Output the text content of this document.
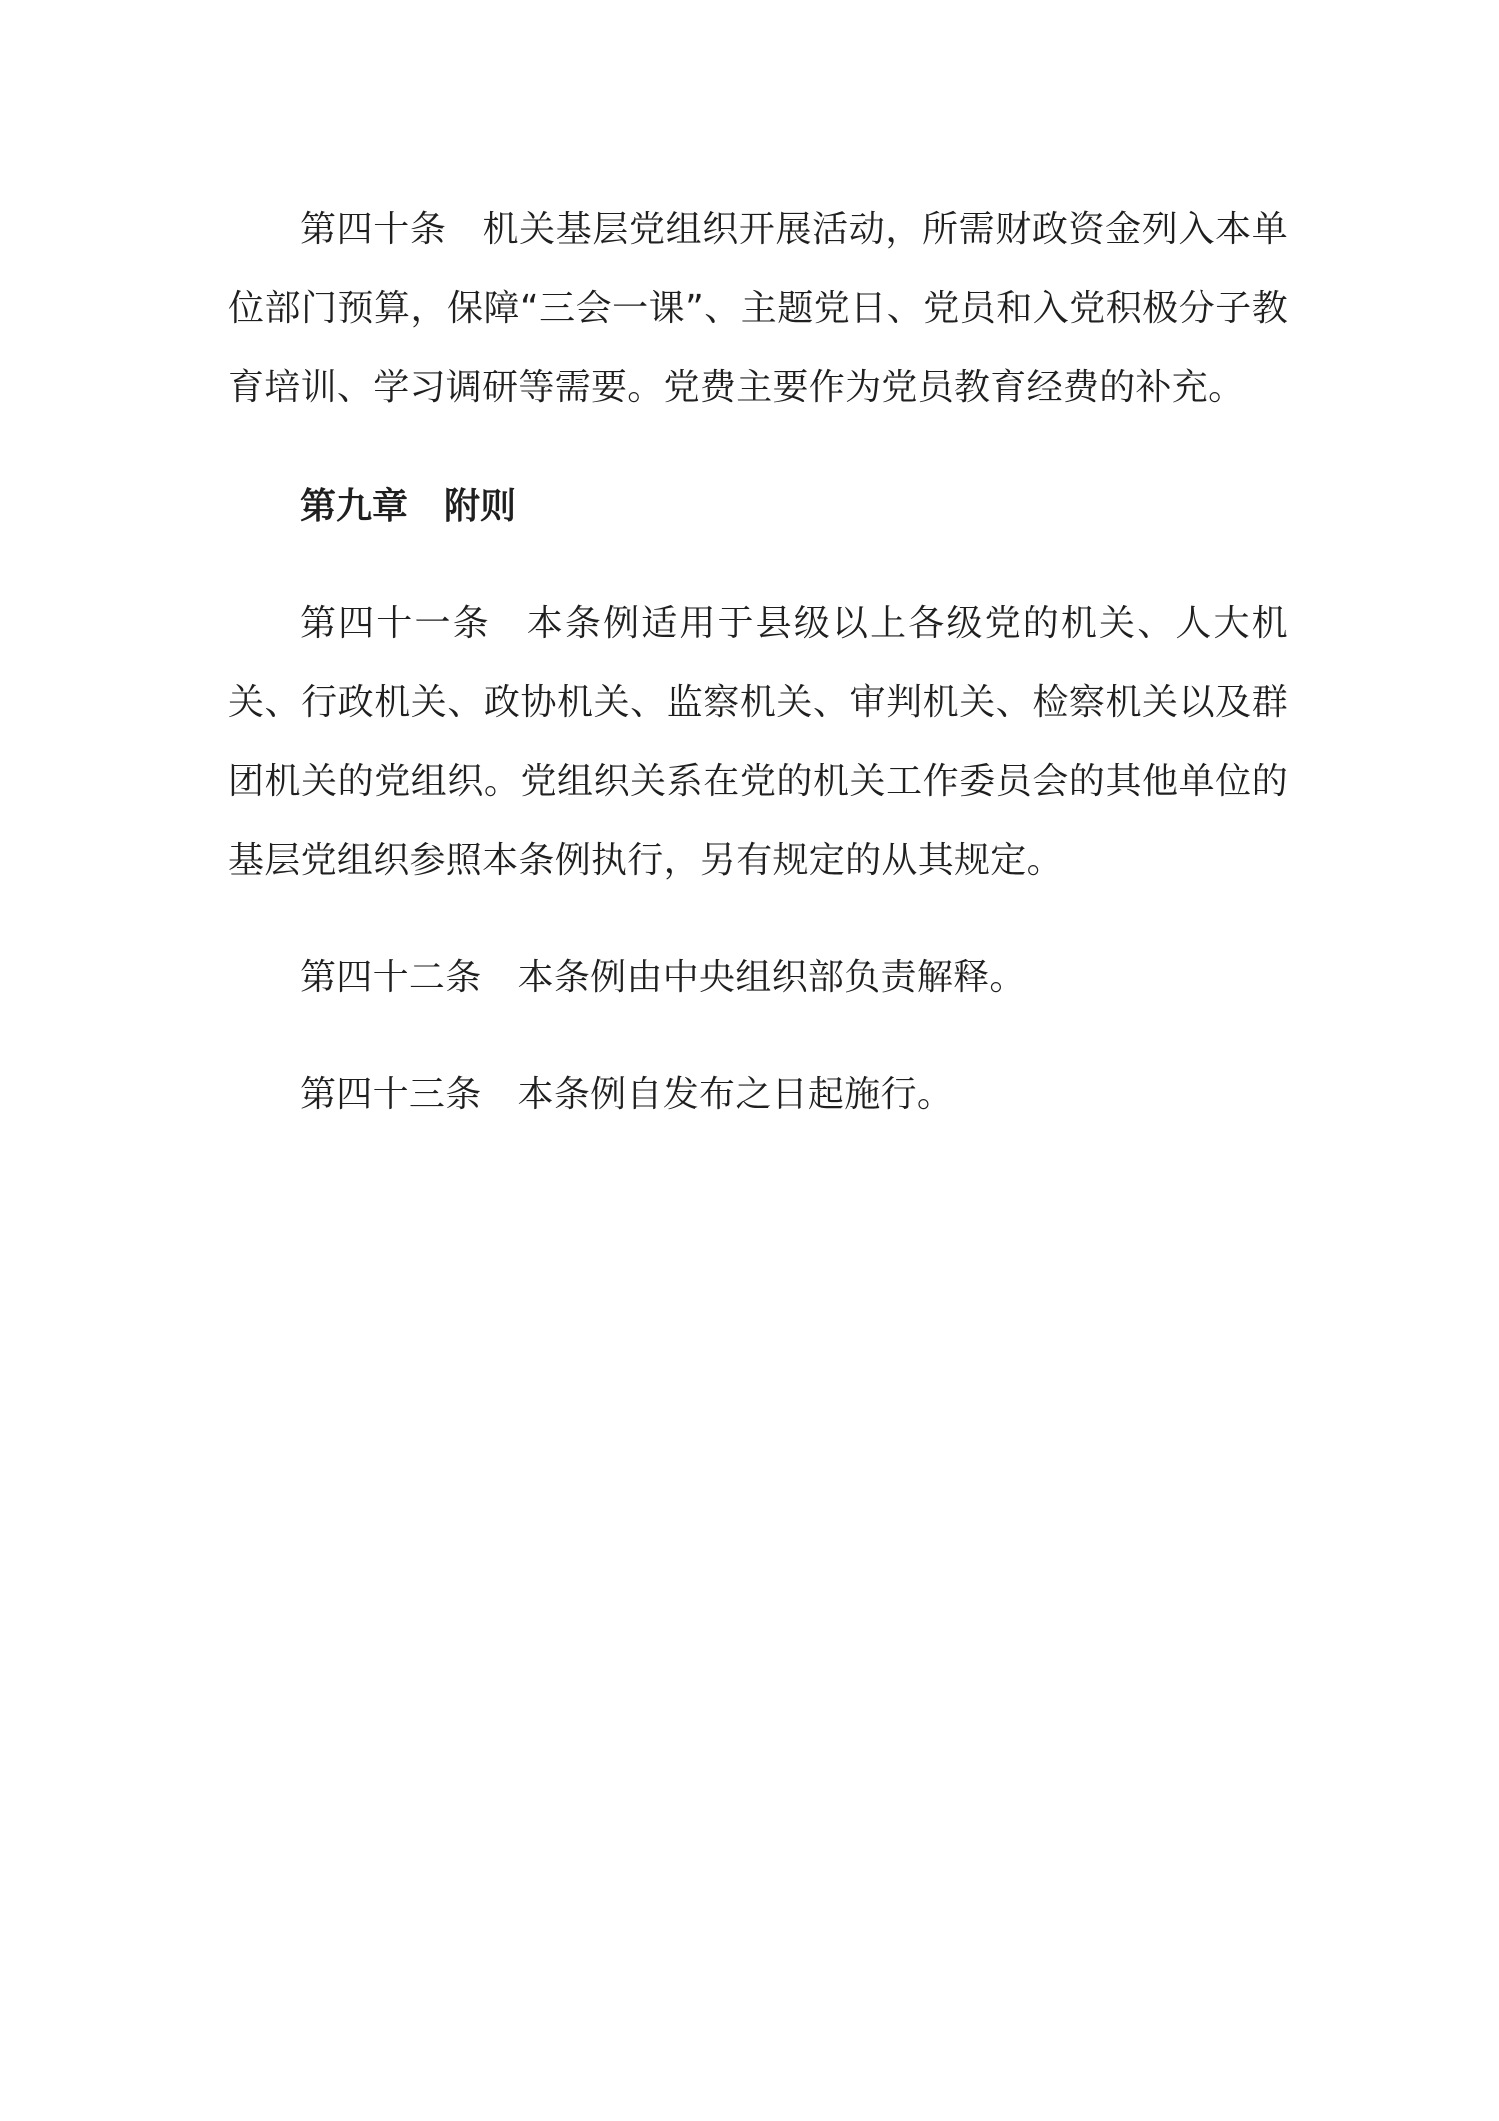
第四十条 机关基层党组织开展活动，所需财政资金列入本单位部门预算，保障“三会一课”、主题党日、党员和入党积极分子教育培训、学习调研等需要。党费主要作为党员教育经费的补充。

第九章 附则

第四十一条 本条例适用于县级以上各级党的机关、人大机关、行政机关、政协机关、监察机关、审判机关、检察机关以及群团机关的党组织。党组织关系在党的机关工作委员会的其他单位的基层党组织参照本条例执行，另有规定的从其规定。

第四十二条 本条例由中央组织部负责解释。

第四十三条 本条例自发布之日起施行。
